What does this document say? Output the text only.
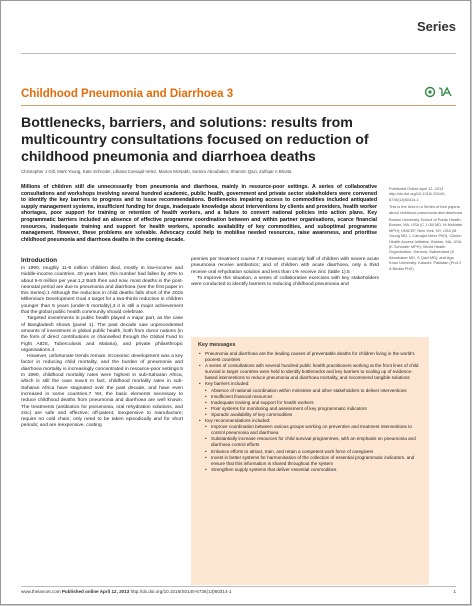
Series
Childhood Pneumonia and Diarrhoea 3
Bottlenecks, barriers, and solutions: results from multicountry consultations focused on reduction of childhood pneumonia and diarrhoea deaths
Christopher J Gill, Mark Young, Kate Schroder, Lilliana Carvajal-Velez, Marion McNabb, Samira Aboubaker, Shamim Qazi, Zulfiqar A Bhutta

Millions of children still die unnecessarily from pneumonia and diarrhoea, mainly in resource-poor settings. A series of collaborative consultations and workshops involving several hundred academic, public health, government and private sector stakeholders were convened to identify the key barriers to progress and to issue recommendations. Bottlenecks impairing access to commodities included antiquated supply management systems, insufficient funding for drugs, inadequate knowledge about interventions by clients and providers, health worker shortages, poor support for training or retention of health workers, and a failure to convert national policies into action plans. Key programmatic barriers included an absence of effective programme coordination between and within partner organisations, scarce financial resources, inadequate training and support for health workers, sporadic availability of key commodities, and suboptimal programme management. However, these problems are solvable. Advocacy could help to mobilise needed resources, raise awareness, and prioritise childhood pneumonia and diarrhoea deaths in the coming decade.

Published Online April 12, 2013 http://dx.doi.org/10.1016/ S0140-6736(13)60314-1

This is the third in a Series of four papers about childhood pneumonia and diarrhoea

Boston University School of Public Health, Boston, MA, USA (C J Gill MD, M McNabb MPH); UNICEF, New York, NY, USA (M Young MD, L Carvajal-Velez PhD); Clinton Health Access Initiative, Boston, MA, USA (K Schroder MPH); World Health Organization, Geneva, Switzerland (S Aboubaker MD, S Qazi MD); and Aga Khan University, Karachi, Pakistan (Prof Z A Bhutta PhD)

Introduction

In 1990, roughly 11-9 million children died, mostly in low-income and middle-income countries. 20 years later, this number had fallen by 40% to about 6-9 million per year.1,2 Both then and now, most deaths in the post-neonatal period are due to pneumonia and diarrhoea (see the first paper in this Series).1 Although the reduction in child deaths falls short of the 2015 Millennium Development Goal 4 target for a two-thirds reduction in children younger than 5 years (under-5 mortality),3 it is still a major achievement that the global public health community should celebrate.

Targeted investments in public health played a major part, as the case of Bangladesh shows (panel 1). The past decade saw unprecedented amounts of investment in global public health, both from donor nations (in the form of direct contributions or channelled through the Global Fund to Fight AIDS, Tuberculosis and Malaria), and private philanthropic organisations.4

However, unfortunate trends remain. Economic development was a key factor in reducing child mortality, and the burden of pneumonia and diarrhoea mortality is increasingly concentrated in resource-poor settings.5 In 1990, childhood mortality rates were highest in sub-Saharan Africa, which is still the case now.6 In fact, childhood mortality rates in sub-Saharan Africa have stagnated over the past decade, and have even increased in some countries.7 Yet, the basic elements necessary to reduce childhood deaths from pneumonia and diarrhoea are well known. The treatments (antibiotics for pneumonia, oral rehydration solutions, and zinc) are safe and effective; off-patent; inexpensive to manufacture; require no cold chain; only need to be taken episodically and for short periods; and are inexpensive, costing

pennies per treatment course.7,8 However, scarcely half of children with severe acute pneumonia receive antibiotics; and of children with acute diarrhoea, only a third receive oral rehydration solution and less than 1% receive zinc (table 1).5

To improve this situation, a series of collaborative exercises with key stakeholders were conducted to identify barriers to reducing childhood pneumonia and

Key messages
• Pneumonia and diarrhoea are the leading causes of preventable deaths for children living in the world's poorest countries
• A series of consultations with several hundred public health practitioners working at the front lines of child survival in target countries were held to identify bottlenecks and key barriers to scaling up of evidence-based interventions to reduce pneumonia and diarrhoea mortality, and recommend tangible solutions
• Key barriers included:
• Absence of national coordination within ministries and other stakeholders to deliver interventions
• Insufficient financial resources
• Inadequate training and support for health workers
• Poor systems for monitoring and assessment of key programmatic indicators
• Sporadic availability of key commodities
• Key recommendations included:
• Improve coordination between various groups working on preventive and treatment interventions to control pneumonia and diarrhoea
• Substantially increase resources for child survival programmes, with an emphasis on pneumonia and diarrhoea control efforts
• Enhance efforts to attract, train, and retain a competent work force of caregivers
• Invest in better systems for harmonisation of the collection of essential programmatic indicators, and ensure that this information is shared throughout the system
• Strengthen supply systems that deliver essential commodities
www.thelancet.com Published online April 12, 2013 http://dx.doi.org/10.1016/S0140-6736(13)60314-1	1
